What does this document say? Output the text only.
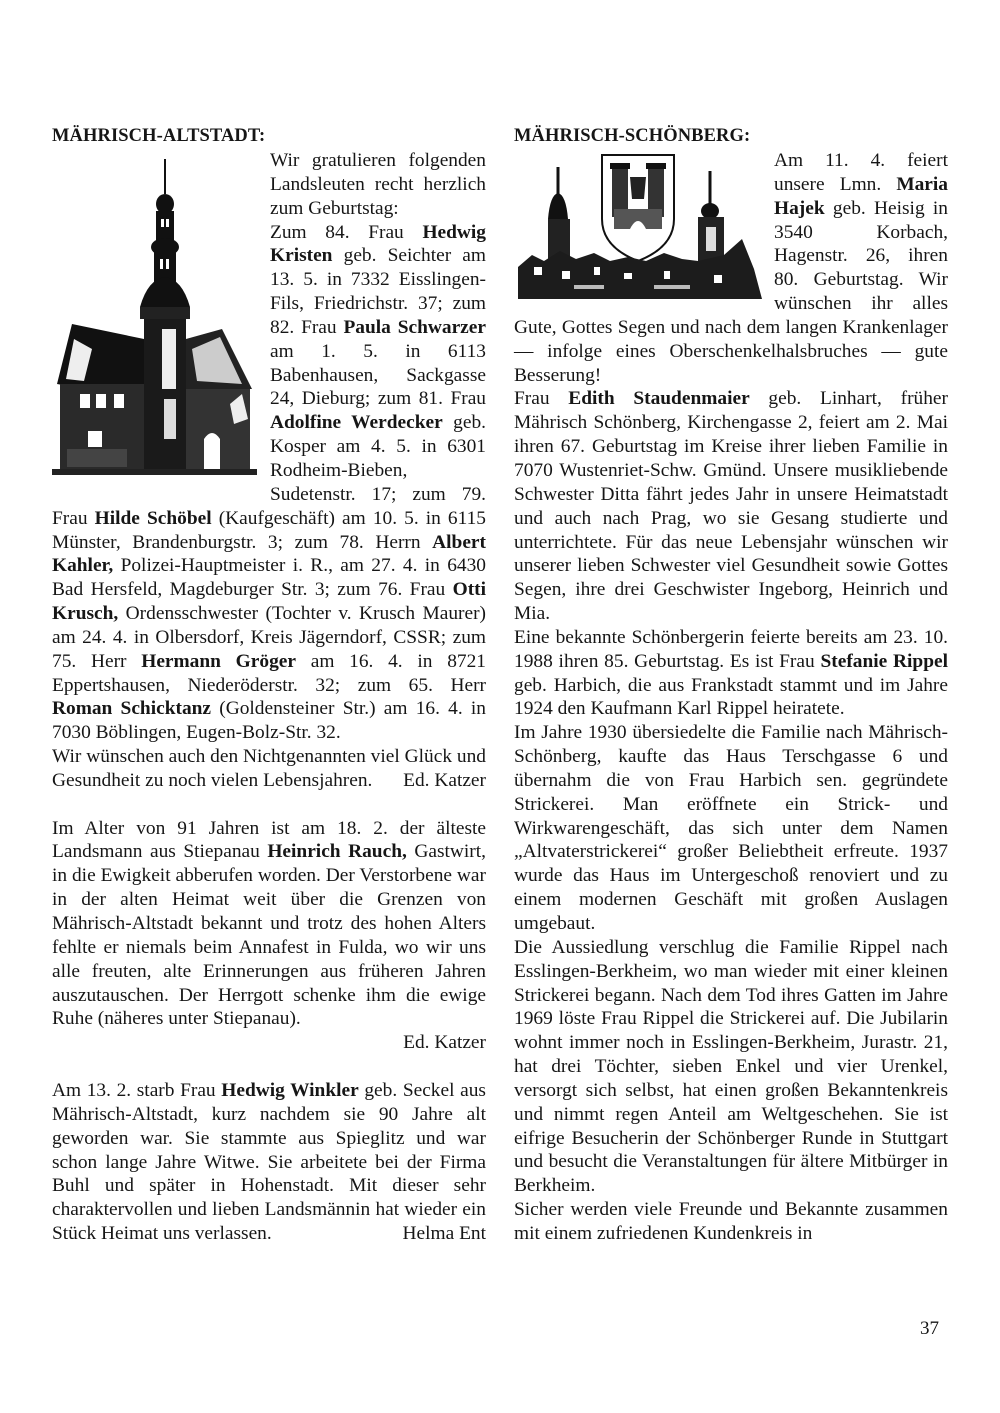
MÄHRISCH-ALTSTADT:

Wir gratulieren folgenden Landsleuten recht herzlich zum Geburtstag:

Zum 84. Frau Hedwig Kristen geb. Seichter am 13. 5. in 7332 Eisslingen-Fils, Friedrichstr. 37; zum 82. Frau Paula Schwarzer am 1. 5. in 6113 Babenhausen, Sackgasse 24, Dieburg; zum 81. Frau Adolfine Werdecker geb. Kosper am 4. 5. in 6301 Rodheim-Bieben, Sudetenstr. 17; zum 79. Frau Hilde Schöbel (Kaufgeschäft) am 10. 5. in 6115 Münster, Brandenburgstr. 3; zum 78. Herrn Albert Kahler, Polizei-Hauptmeister i. R., am 27. 4. in 6430 Bad Hersfeld, Magdeburger Str. 3; zum 76. Frau Otti Krusch, Ordensschwester (Tochter v. Krusch Maurer) am 24. 4. in Olbersdorf, Kreis Jägerndorf, CSSR; zum 75. Herr Hermann Gröger am 16. 4. in 8721 Eppertshausen, Niederöderstr. 32; zum 65. Herr Roman Schicktanz (Goldensteiner Str.) am 16. 4. in 7030 Böblingen, Eugen-Bolz-Str. 32.

Wir wünschen auch den Nichtgenannten viel Glück und Gesundheit zu noch vielen Lebensjahren.	Ed. Katzer

Im Alter von 91 Jahren ist am 18. 2. der älteste Landsmann aus Stiepanau Heinrich Rauch, Gastwirt, in die Ewigkeit abberufen worden. Der Verstorbene war in der alten Heimat weit über die Grenzen von Mährisch-Altstadt bekannt und trotz des hohen Alters fehlte er niemals beim Annafest in Fulda, wo wir uns alle freuten, alte Erinnerungen aus früheren Jahren auszutauschen. Der Herrgott schenke ihm die ewige Ruhe (näheres unter Stiepanau).

Ed. Katzer

Am 13. 2. starb Frau Hedwig Winkler geb. Seckel aus Mährisch-Altstadt, kurz nachdem sie 90 Jahre alt geworden war. Sie stammte aus Spieglitz und war schon lange Jahre Witwe. Sie arbeitete bei der Firma Buhl und später in Hohenstadt. Mit dieser sehr charaktervollen und lieben Landsmännin hat wieder ein Stück Heimat uns verlassen.	Helma Ent
MÄHRISCH-SCHÖNBERG:

Am 11. 4. feiert unsere Lmn. Maria Hajek geb. Heisig in 3540 Korbach, Hagenstr. 26, ihren 80. Geburtstag. Wir wünschen ihr alles Gute, Gottes Segen und nach dem langen Krankenlager — infolge eines Oberschenkelhalsbruches — gute Besserung!

Frau Edith Staudenmaier geb. Linhart, früher Mährisch Schönberg, Kirchengasse 2, feiert am 2. Mai ihren 67. Geburtstag im Kreise ihrer lieben Familie in 7070 Wustenriet-Schw. Gmünd. Unsere musikliebende Schwester Ditta fährt jedes Jahr in unsere Heimatstadt und auch nach Prag, wo sie Gesang studierte und unterrichtete. Für das neue Lebensjahr wünschen wir unserer lieben Schwester viel Gesundheit sowie Gottes Segen, ihre drei Geschwister Ingeborg, Heinrich und Mia.

Eine bekannte Schönbergerin feierte bereits am 23. 10. 1988 ihren 85. Geburtstag. Es ist Frau Stefanie Rippel geb. Harbich, die aus Frankstadt stammt und im Jahre 1924 den Kaufmann Karl Rippel heiratete.

Im Jahre 1930 übersiedelte die Familie nach Mährisch-Schönberg, kaufte das Haus Terschgasse 6 und übernahm die von Frau Harbich sen. gegründete Strickerei. Man eröffnete ein Strick- und Wirkwarengeschäft, das sich unter dem Namen „Altvaterstrickerei“ großer Beliebtheit erfreute. 1937 wurde das Haus im Untergeschoß renoviert und zu einem modernen Geschäft mit großen Auslagen umgebaut.

Die Aussiedlung verschlug die Familie Rippel nach Esslingen-Berkheim, wo man wieder mit einer kleinen Strickerei begann. Nach dem Tod ihres Gatten im Jahre 1969 löste Frau Rippel die Strickerei auf. Die Jubilarin wohnt immer noch in Esslingen-Berkheim, Jurastr. 21, hat drei Töchter, sieben Enkel und vier Urenkel, versorgt sich selbst, hat einen großen Bekanntenkreis und nimmt regen Anteil am Weltgeschehen. Sie ist eifrige Besucherin der Schönberger Runde in Stuttgart und besucht die Veranstaltungen für ältere Mitbürger in Berkheim.

Sicher werden viele Freunde und Bekannte zusammen mit einem zufriedenen Kundenkreis in

37
